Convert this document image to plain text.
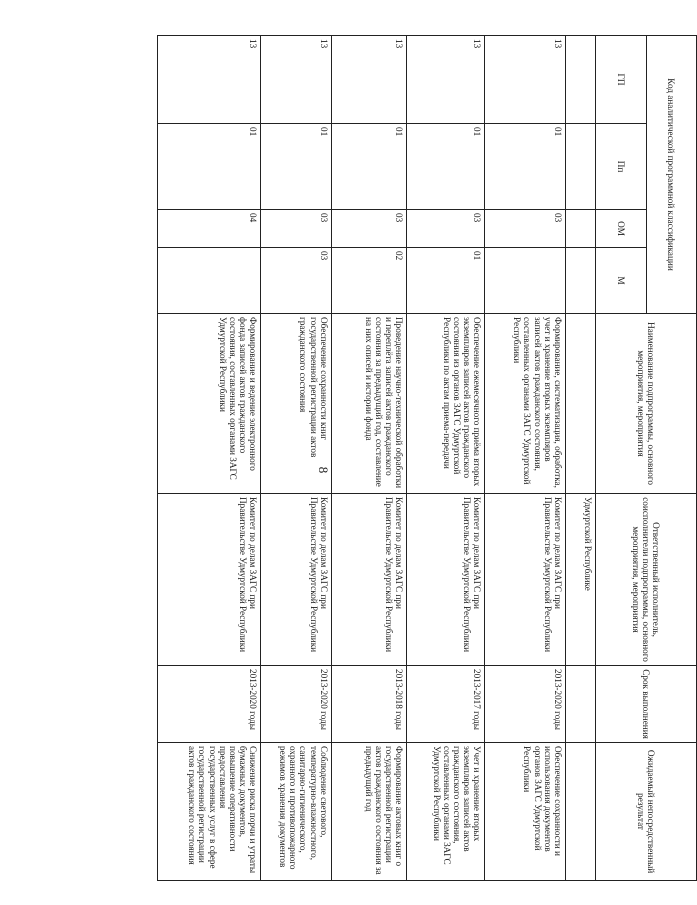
8
Код аналитической программной классификации				Наименование подпрограммы, основного мероприятия, мероприятия	Ответственный исполнитель, соисполнители подпрограммы, основного мероприятия, мероприятия	Срок выполнения	Ожидаемый непосредственный результат	
ГП	Пп	ОМ	М					
					Удмуртской Республике			
13	01	03		Формирование, систематизация, обработка, учет и хранение вторых экземпляров записей актов гражданского состояния, составленных органами ЗАГС Удмуртской Республики	Комитет по делам ЗАГС при Правительстве Удмуртской Республики	2013-2020 годы	Обеспечение сохранности и использования документов органов ЗАГС Удмуртской Республики	
13	01	03	01	Обеспечение ежемесячного приёма вторых экземпляров записей актов гражданского состояния из органов ЗАГС Удмуртской Республики по актам приема-передачи	Комитет по делам ЗАГС при Правительстве Удмуртской Республики	2013-2017 годы	Учет и хранение вторых экземпляров записей актов гражданского состояния, составленных органами ЗАГС Удмуртской Республики	
13	01	03	02	Проведение научно-технической обработки и переплёта записей актов гражданского состояния за предыдущий год, составление на них описей и истории фонда	Комитет по делам ЗАГС при Правительстве Удмуртской Республики	2013-2018 годы	Формирование актовых книг о государственной регистрации актов гражданского состояния за предыдущий год	
13	01	03	03	Обеспечение сохранности книг государственной регистрации актов гражданского состояния	Комитет по делам ЗАГС при Правительстве Удмуртской Республики	2013-2020 годы	Соблюдение светового, температурно-влажностного, санитарно-гигиенического, охранного и противопожарного режимов хранения документов	
13	01	04		Формирование и ведение электронного фонда записей актов гражданского состояния, составленных органами ЗАГС Удмуртской Республики	Комитет по делам ЗАГС при Правительстве Удмуртской Республики	2013-2020 годы	Снижение риска порчи и утраты бумажных документов, повышение оперативности предоставления государственных услуг в сфере государственной регистрации актов гражданского состояния	
